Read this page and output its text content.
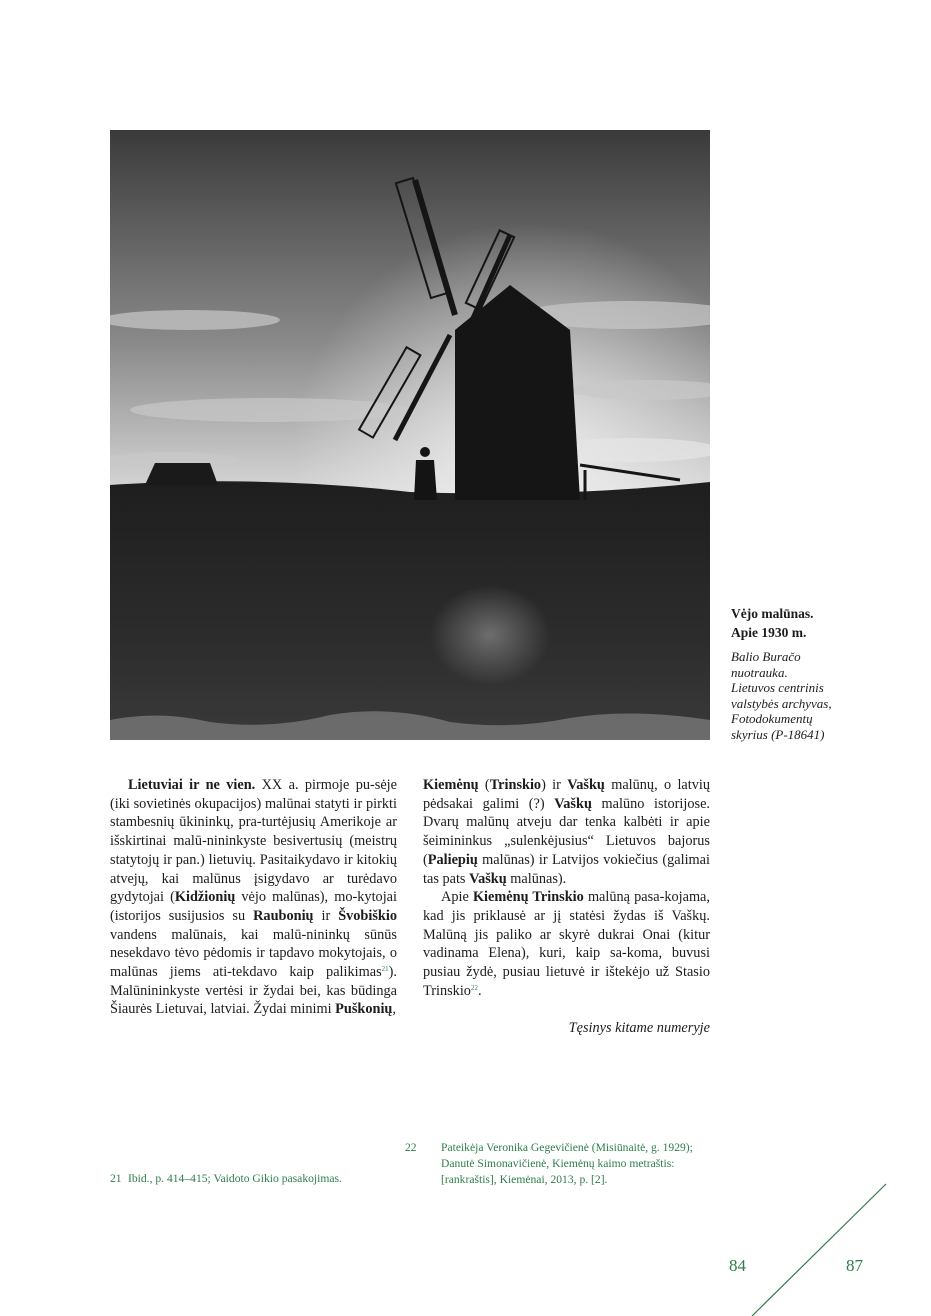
Vėjo malūnas.
Apie 1930 m.

Balio Buračo
nuotrauka.
Lietuvos centrinis
valstybės archyvas,
Fotodokumentų
skyrius (P-18641)

Lietuviai ir ne vien. XX a. pirmoje pu-sėje (iki sovietinės okupacijos) malūnai statyti ir pirkti stambesnių ūkininkų, pra-turtėjusių Amerikoje ar išskirtinai malū-nininkyste besivertusių (meistrų statytojų ir pan.) lietuvių. Pasitaikydavo ir kitokių atvejų, kai malūnus įsigydavo ar turėdavo gydytojai (Kidžionių vėjo malūnas), mo-kytojai (istorijos susijusios su Raubonių ir Švobiškio vandens malūnais, kai malū-nininkų sūnūs nesekdavo tėvo pėdomis ir tapdavo mokytojais, o malūnas jiems ati-tekdavo kaip palikimas$^{21}$). Malūnininkyste vertėsi ir žydai bei, kas būdinga Šiaurės Lietuvai, latviai. Žydai minimi Puškonių,

Kiemėnų (Trinskio) ir Vaškų malūnų, o latvių pėdsakai galimi (?) Vaškų malūno istorijose. Dvarų malūnų atveju dar tenka kalbėti ir apie šeimininkus „sulenkėjusius“ Lietuvos bajorus (Paliepių malūnas) ir Latvijos vokiečius (galimai tas pats Vaškų malūnas).

Apie Kiemėnų Trinskio malūną pasa-kojama, kad jis priklausė ar jį statėsi žydas iš Vaškų. Malūną jis paliko ar skyrė dukrai Onai (kitur vadinama Elena), kuri, kaip sa-koma, buvusi pusiau žydė, pusiau lietuvė ir ištekėjo už Stasio Trinskio$^{22}$.

Tęsinys kitame numeryje

21 Ibid., p. 414–415; Vaidoto Gikio pasakojimas.
22 Pateikėja Veronika Gegevičienė (Misiūnaitė, g. 1929); Danutė Simonavičienė, Kiemėnų kaimo metraštis: [rankraštis], Kiemėnai, 2013, p. [2].
84	87
